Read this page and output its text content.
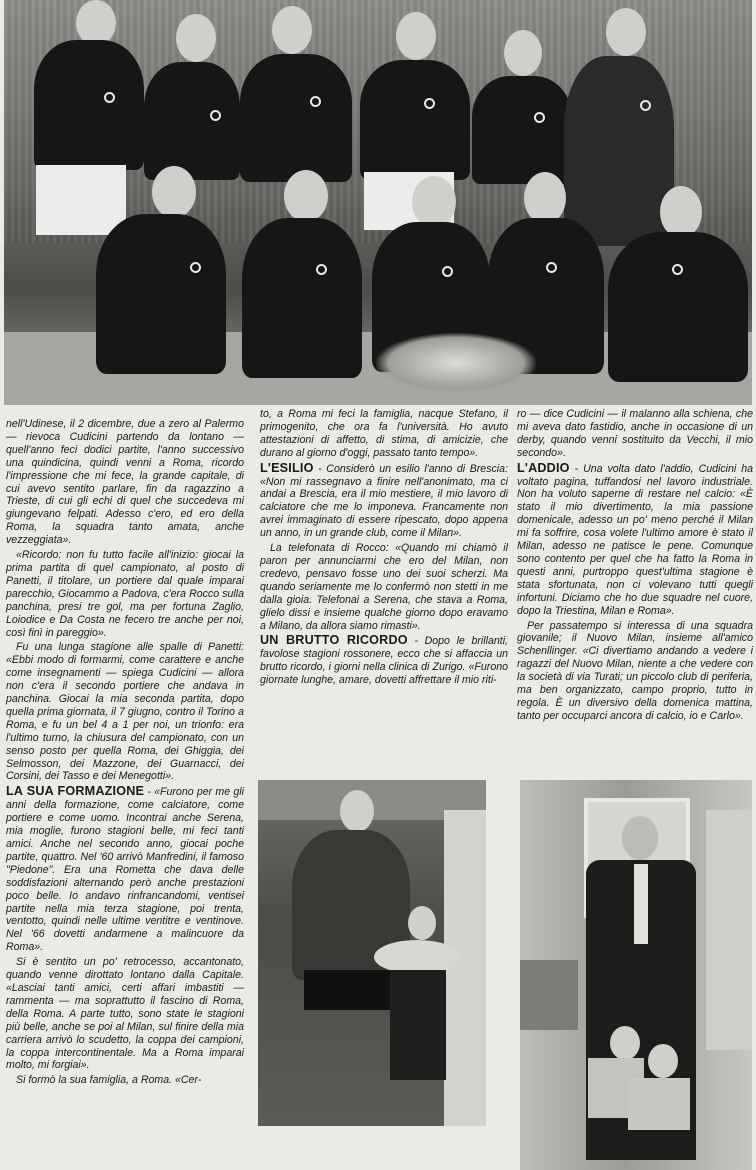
nell'Udinese, il 2 dicembre, due a zero al Palermo — rievoca Cudicini partendo da lontano — quell'anno feci dodici partite, l'anno successivo una quindicina, quindi venni a Roma, ricordo l'impressione che mi fece, la grande capitale, di cui avevo sentito parlare, fin da ragazzino a Trieste, di cui gli echi di quel che succedeva mi giungevano felpati. Adesso c'ero, ed ero della Roma, la squadra tanto amata, anche vezzeggiata».

«Ricordo: non fu tutto facile all'inizio: giocai la prima partita di quel campionato, al posto di Panetti, il titolare, un portiere dal quale imparai parecchio, Giocammo a Padova, c'era Rocco sulla panchina, presi tre gol, ma per fortuna Zaglio, Loiodice e Da Costa ne fecero tre anche per noi, così finì in pareggio».

Fu una lunga stagione alle spalle di Panetti: «Ebbi modo di formarmi, come carattere e anche come insegnamenti — spiega Cudicini — allora non c'era il secondo portiere che andava in panchina. Giocai la mia seconda partita, dopo quella prima giornata, il 7 giugno, contro il Torino a Roma, e fu un bel 4 a 1 per noi, un trionfo: era l'ultimo turno, la chiusura del campionato, con un senso posto per quella Roma, dei Ghiggia, dei Selmosson, dei Mazzone, dei Guarnacci, dei Corsini, dei Tasso e dei Menegotti».

LA SUA FORMAZIONE - «Furono per me gli anni della formazione, come calciatore, come portiere e come uomo. Incontrai anche Serena, mia moglie, furono stagioni belle, mi feci tanti amici. Anche nel secondo anno, giocai poche partite, quattro. Nel '60 arrivò Manfredini, il famoso "Piedone". Era una Rometta che dava delle soddisfazioni alternando però anche prestazioni poco belle. Io andavo rinfrancandomi, ventisei partite nella mia terza stagione, poi trenta, ventotto, quindi nelle ultime ventitre e ventinove. Nel '66 dovetti andarmene a malincuore da Roma».

Si è sentito un po' retrocesso, accantonato, quando venne dirottato lontano dalla Capitale. «Lasciai tanti amici, certi affari imbastiti — rammenta — ma soprattutto il fascino di Roma, della Roma. A parte tutto, sono state le stagioni più belle, anche se poi al Milan, sul finire della mia carriera arrivò lo scudetto, la coppa dei campioni, la coppa intercontinentale. Ma a Roma imparai molto, mi forgiai».

Si formò la sua famiglia, a Roma. «Cer-

to, a Roma mi feci la famiglia, nacque Stefano, il primogenito, che ora fa l'università. Ho avuto attestazioni di affetto, di stima, di amicizie, che durano al giorno d'oggi, passato tanto tempo».

L'ESILIO - Considerò un esilio l'anno di Brescia: «Non mi rassegnavo a finire nell'anonimato, ma ci andai a Brescia, era il mio mestiere, il mio lavoro di calciatore che me lo imponeva. Francamente non avrei immaginato di essere ripescato, dopo appena un anno, in un grande club, come il Milan».

La telefonata di Rocco: «Quando mi chiamò il paron per annunciarmi che ero del Milan, non credevo, pensavo fosse uno dei suoi scherzi. Ma quando seriamente me lo confermò non stetti in me dalla gioia. Telefonai a Serena, che stava a Roma, glielo dissi e insieme qualche giorno dopo eravamo a Milano, da allora siamo rimasti».

UN BRUTTO RICORDO - Dopo le brillanti, favolose stagioni rossonere, ecco che si affaccia un brutto ricordo, i giorni nella clinica di Zurigo. «Furono giornate lunghe, amare, dovetti affrettare il mio riti-

ro — dice Cudicini — il malanno alla schiena, che mi aveva dato fastidio, anche in occasione di un derby, quando venni sostituito da Vecchi, il mio secondo».

L'ADDIO - Una volta dato l'addio, Cudicini ha voltato pagina, tuffandosi nel lavoro industriale. Non ha voluto saperne di restare nel calcio: «È stato il mio divertimento, la mia passione domenicale, adesso un po' meno perché il Milan mi fa soffrire, cosa volete l'ultimo amore è stato il Milan, adesso ne patisce le pene. Comunque sono contento per quel che ha fatto la Roma in questi anni, purtroppo quest'ultima stagione è stata sfortunata, non ci volevano tutti quegli infortuni. Diciamo che ho due squadre nel cuore, dopo la Triestina, Milan e Roma».

Per passatempo si interessa di una squadra giovanile; il Nuovo Milan, insieme all'amico Schenllinger. «Ci divertiamo andando a vedere i ragazzi del Nuovo Milan, niente a che vedere con la società di via Turati; un piccolo club di periferia, ma ben organizzato, campo proprio, tutto in regola. È un diversivo della domenica mattina, tanto per occuparci ancora di calcio, io e Carlo».
